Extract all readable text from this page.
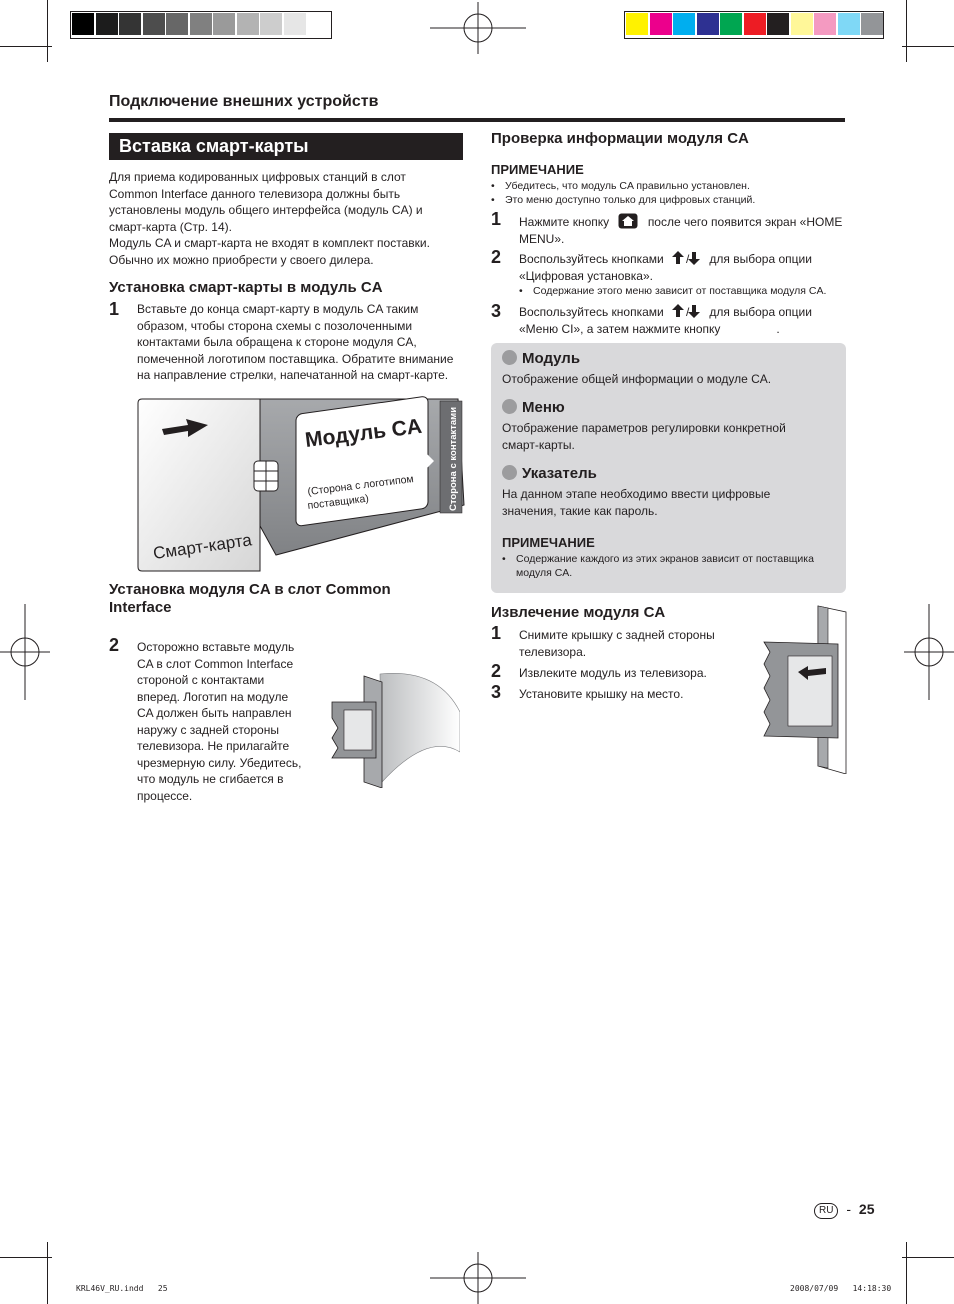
Подключение внешних устройств
Вставка смарт-карты
Для приема кодированных цифровых станций в слот
Common Interface данного телевизора должны быть
установлены модуль общего интерфейса (модуль CA) и
смарт-карта (Стр. 14).
Модуль CA и смарт-карта не входят в комплект поставки.
Обычно их можно приобрести у своего дилера.
Установка смарт-карты в модуль CA
1 Вставьте до конца смарт-карту в модуль CA таким
образом, чтобы сторона схемы с позолоченными
контактами была обращена к стороне модуля CA,
помеченной логотипом поставщика. Обратите внимание
на направление стрелки, напечатанной на смарт-карте.
Модуль CA
(Сторона с логотипом
поставщика)	Сторона с контактами
Смарт-карта
Установка модуля CA в слот Common
Interface
2 Осторожно вставьте модуль
CA в слот Common Interface
стороной с контактами
вперед. Логотип на модуле
CA должен быть направлен
наружу с задней стороны
телевизора. Не прилагайте
чрезмерную силу. Убедитесь,
что модуль не сгибается в
процессе.
Проверка информации модуля CA
ПРИМЕЧАНИЕ
• Убедитесь, что модуль CA правильно установлен.
• Это меню доступно только для цифровых станций.
1 Нажмите кнопку	после чего появится экран «HOME
MENU».
2 Воспользуйтесь кнопками / для выбора опции
«Цифровая установка».
• Содержание этого меню зависит от поставщика модуля CA.
3 Воспользуйтесь кнопками / для выбора опции
«Меню CI», а затем нажмите кнопку	.
Модуль
Отображение общей информации о модуле CA.
Меню
Отображение параметров регулировки конкретной
смарт-карты.
Указатель
На данном этапе необходимо ввести цифровые
значения, такие как пароль.
ПРИМЕЧАНИЕ
• Содержание каждого из этих экранов зависит от поставщика
модуля CA.
Извлечение модуля CA
1 Снимите крышку с задней стороны
телевизора.
2 Извлеките модуль из телевизора.
3 Установите крышку на место.
RU - 25
KRL46V_RU.indd   25	2008/07/09   14:18:30
